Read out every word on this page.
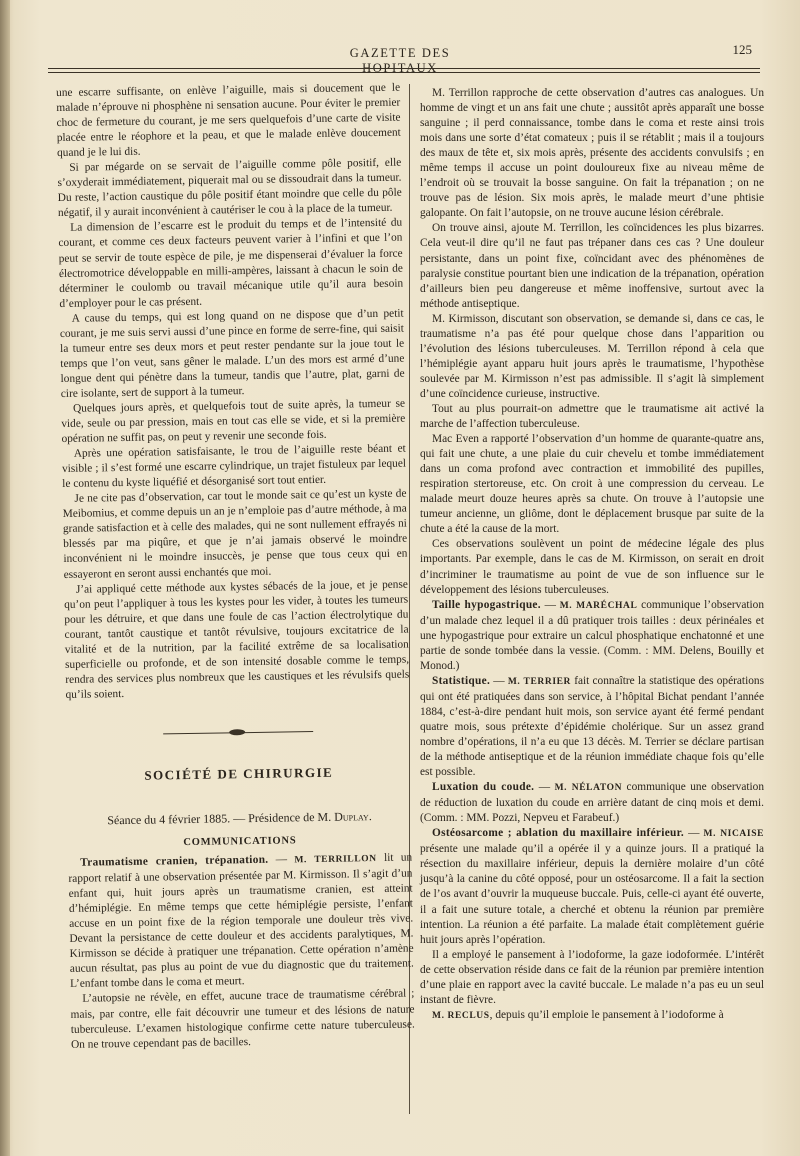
GAZETTE DES HOPITAUX
125

une escarre suffisante, on enlève l’aiguille, mais si doucement que le malade n’éprouve ni phosphène ni sensation aucune. Pour éviter le premier choc de fermeture du courant, je me sers quelquefois d’une carte de visite placée entre le réophore et la peau, et que le malade enlève doucement quand je le lui dis.

Si par mégarde on se servait de l’aiguille comme pôle positif, elle s’oxyderait immédiatement, piquerait mal ou se dissoudrait dans la tumeur. Du reste, l’action caustique du pôle positif étant moindre que celle du pôle négatif, il y aurait inconvénient à cautériser le cou à la place de la tumeur.

La dimension de l’escarre est le produit du temps et de l’intensité du courant, et comme ces deux facteurs peuvent varier à l’infini et que l’on peut se servir de toute espèce de pile, je me dispenserai d’évaluer la force électromotrice développable en milli-ampères, laissant à chacun le soin de déterminer le coulomb ou travail mécanique utile qu’il aura besoin d’employer pour le cas présent.

A cause du temps, qui est long quand on ne dispose que d’un petit courant, je me suis servi aussi d’une pince en forme de serre-fine, qui saisit la tumeur entre ses deux mors et peut rester pendante sur la joue tout le temps que l’on veut, sans gêner le malade. L’un des mors est armé d’une longue dent qui pénètre dans la tumeur, tandis que l’autre, plat, garni de cire isolante, sert de support à la tumeur.

Quelques jours après, et quelquefois tout de suite après, la tumeur se vide, seule ou par pression, mais en tout cas elle se vide, et si la première opération ne suffit pas, on peut y revenir une seconde fois.

Après une opération satisfaisante, le trou de l’aiguille reste béant et visible ; il s’est formé une escarre cylindrique, un trajet fistuleux par lequel le contenu du kyste liquéfié et désorganisé sort tout entier.

Je ne cite pas d’observation, car tout le monde sait ce qu’est un kyste de Meibomius, et comme depuis un an je n’emploie pas d’autre méthode, à ma grande satisfaction et à celle des malades, qui ne sont nullement effrayés ni blessés par ma piqûre, et que je n’ai jamais observé le moindre inconvénient ni le moindre insuccès, je pense que tous ceux qui en essayeront en seront aussi enchantés que moi.

J’ai appliqué cette méthode aux kystes sébacés de la joue, et je pense qu’on peut l’appliquer à tous les kystes pour les vider, à toutes les tumeurs pour les détruire, et que dans une foule de cas l’action électrolytique du courant, tantôt caustique et tantôt révulsive, toujours excitatrice de la vitalité et de la nutrition, par la facilité extrême de sa localisation superficielle ou profonde, et de son intensité dosable comme le temps, rendra des services plus nombreux que les caustiques et les révulsifs quels qu’ils soient.

SOCIÉTÉ DE CHIRURGIE
Séance du 4 février 1885. — Présidence de M. Duplay.
COMMUNICATIONS

Traumatisme cranien, trépanation. — M. TERRILLON lit un rapport relatif à une observation présentée par M. Kirmisson. Il s’agit d’un enfant qui, huit jours après un traumatisme cranien, est atteint d’hémiplégie. En même temps que cette hémiplégie persiste, l’enfant accuse en un point fixe de la région temporale une douleur très vive. Devant la persistance de cette douleur et des accidents paralytiques, M. Kirmisson se décide à pratiquer une trépanation. Cette opération n’amène aucun résultat, pas plus au point de vue du diagnostic que du traitement. L’enfant tombe dans le coma et meurt.

L’autopsie ne révèle, en effet, aucune trace de traumatisme cérébral ; mais, par contre, elle fait découvrir une tumeur et des lésions de nature tuberculeuse. L’examen histologique confirme cette nature tuberculeuse. On ne trouve cependant pas de bacilles.

M. Terrillon rapproche de cette observation d’autres cas analogues. Un homme de vingt et un ans fait une chute ; aussitôt après apparaît une bosse sanguine ; il perd connaissance, tombe dans le coma et reste ainsi trois mois dans une sorte d’état comateux ; puis il se rétablit ; mais il a toujours des maux de tête et, six mois après, présente des accidents convulsifs ; en même temps il accuse un point douloureux fixe au niveau même de l’endroit où se trouvait la bosse sanguine. On fait la trépanation ; on ne trouve pas de lésion. Six mois après, le malade meurt d’une phtisie galopante. On fait l’autopsie, on ne trouve aucune lésion cérébrale.

On trouve ainsi, ajoute M. Terrillon, les coïncidences les plus bizarres. Cela veut-il dire qu’il ne faut pas trépaner dans ces cas ? Une douleur persistante, dans un point fixe, coïncidant avec des phénomènes de paralysie constitue pourtant bien une indication de la trépanation, opération d’ailleurs bien peu dangereuse et même inoffensive, surtout avec la méthode antiseptique.

M. Kirmisson, discutant son observation, se demande si, dans ce cas, le traumatisme n’a pas été pour quelque chose dans l’apparition ou l’évolution des lésions tuberculeuses. M. Terrillon répond à cela que l’hémiplégie ayant apparu huit jours après le traumatisme, l’hypothèse soulevée par M. Kirmisson n’est pas admissible. Il s’agit là simplement d’une coïncidence curieuse, instructive.

Tout au plus pourrait-on admettre que le traumatisme ait activé la marche de l’affection tuberculeuse.

Mac Even a rapporté l’observation d’un homme de quarante-quatre ans, qui fait une chute, a une plaie du cuir chevelu et tombe immédiatement dans un coma profond avec contraction et immobilité des pupilles, respiration stertoreuse, etc. On croit à une compression du cerveau. Le malade meurt douze heures après sa chute. On trouve à l’autopsie une tumeur ancienne, un gliôme, dont le déplacement brusque par suite de la chute a été la cause de la mort.

Ces observations soulèvent un point de médecine légale des plus importants. Par exemple, dans le cas de M. Kirmisson, on serait en droit d’incriminer le traumatisme au point de vue de son influence sur le développement des lésions tuberculeuses.

Taille hypogastrique. — M. MARÉCHAL communique l’observation d’un malade chez lequel il a dû pratiquer trois tailles : deux périnéales et une hypogastrique pour extraire un calcul phosphatique enchatonné et une partie de sonde tombée dans la vessie. (Comm. : MM. Delens, Bouilly et Monod.)

Statistique. — M. TERRIER fait connaître la statistique des opérations qui ont été pratiquées dans son service, à l’hôpital Bichat pendant l’année 1884, c’est-à-dire pendant huit mois, son service ayant été fermé pendant quatre mois, sous prétexte d’épidémie cholérique. Sur un assez grand nombre d’opérations, il n’a eu que 13 décès. M. Terrier se déclare partisan de la méthode antiseptique et de la réunion immédiate chaque fois qu’elle est possible.

Luxation du coude. — M. NÉLATON communique une observation de réduction de luxation du coude en arrière datant de cinq mois et demi. (Comm. : MM. Pozzi, Nepveu et Farabeuf.)

Ostéosarcome ; ablation du maxillaire inférieur. — M. NICAISE présente une malade qu’il a opérée il y a quinze jours. Il a pratiqué la résection du maxillaire inférieur, depuis la dernière molaire d’un côté jusqu’à la canine du côté opposé, pour un ostéosarcome. Il a fait la section de l’os avant d’ouvrir la muqueuse buccale. Puis, celle-ci ayant été ouverte, il a fait une suture totale, a cherché et obtenu la réunion par première intention. La réunion a été parfaite. La malade était complètement guérie huit jours après l’opération.

Il a employé le pansement à l’iodoforme, la gaze iodoformée. L’intérêt de cette observation réside dans ce fait de la réunion par première intention d’une plaie en rapport avec la cavité buccale. Le malade n’a pas eu un seul instant de fièvre.

M. RECLUS, depuis qu’il emploie le pansement à l’iodoforme à
